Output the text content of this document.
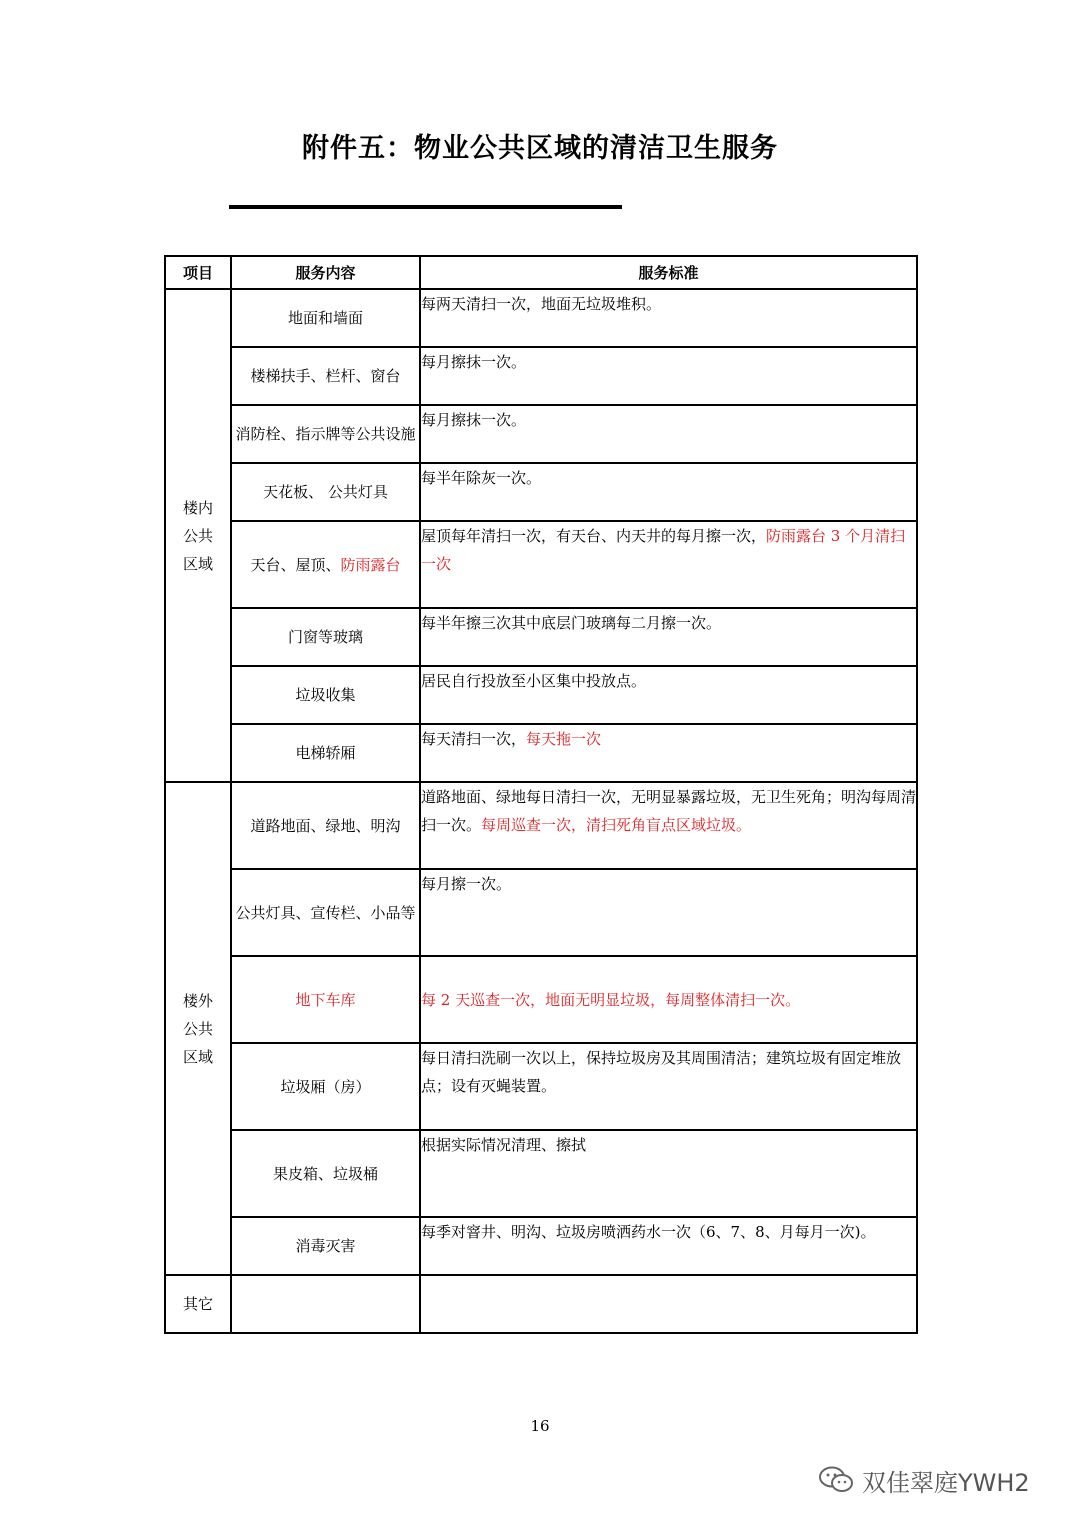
附件五：物业公共区域的清洁卫生服务
项目	服务内容	服务标准

楼内公共区域	地面和墙面	每两天清扫一次，地面无垃圾堆积。
	楼梯扶手、栏杆、窗台	每月擦抹一次。
	消防栓、指示牌等公共设施	每月擦抹一次。
	天花板、 公共灯具	每半年除灰一次。
	天台、屋顶、防雨露台	屋顶每年清扫一次，有天台、内天井的每月擦一次，防雨露台 3 个月清扫一次
	门窗等玻璃	每半年擦三次其中底层门玻璃每二月擦一次。
	垃圾收集	居民自行投放至小区集中投放点。
	电梯轿厢	每天清扫一次，每天拖一次

楼外公共区域	道路地面、绿地、明沟	道路地面、绿地每日清扫一次，无明显暴露垃圾，无卫生死角；明沟每周清扫一次。每周巡查一次，清扫死角盲点区域垃圾。
	公共灯具、宣传栏、小品等	每月擦一次。
	地下车库	每 2 天巡查一次，地面无明显垃圾，每周整体清扫一次。
	垃圾厢（房）	每日清扫洗刷一次以上，保持垃圾房及其周围清洁；建筑垃圾有固定堆放点；设有灭蝇装置。
	果皮箱、垃圾桶	根据实际情况清理、擦拭
	消毒灭害	每季对窨井、明沟、垃圾房喷洒药水一次（6、7、8、月每月一次)。
其它		
16
双佳翠庭YWH2
